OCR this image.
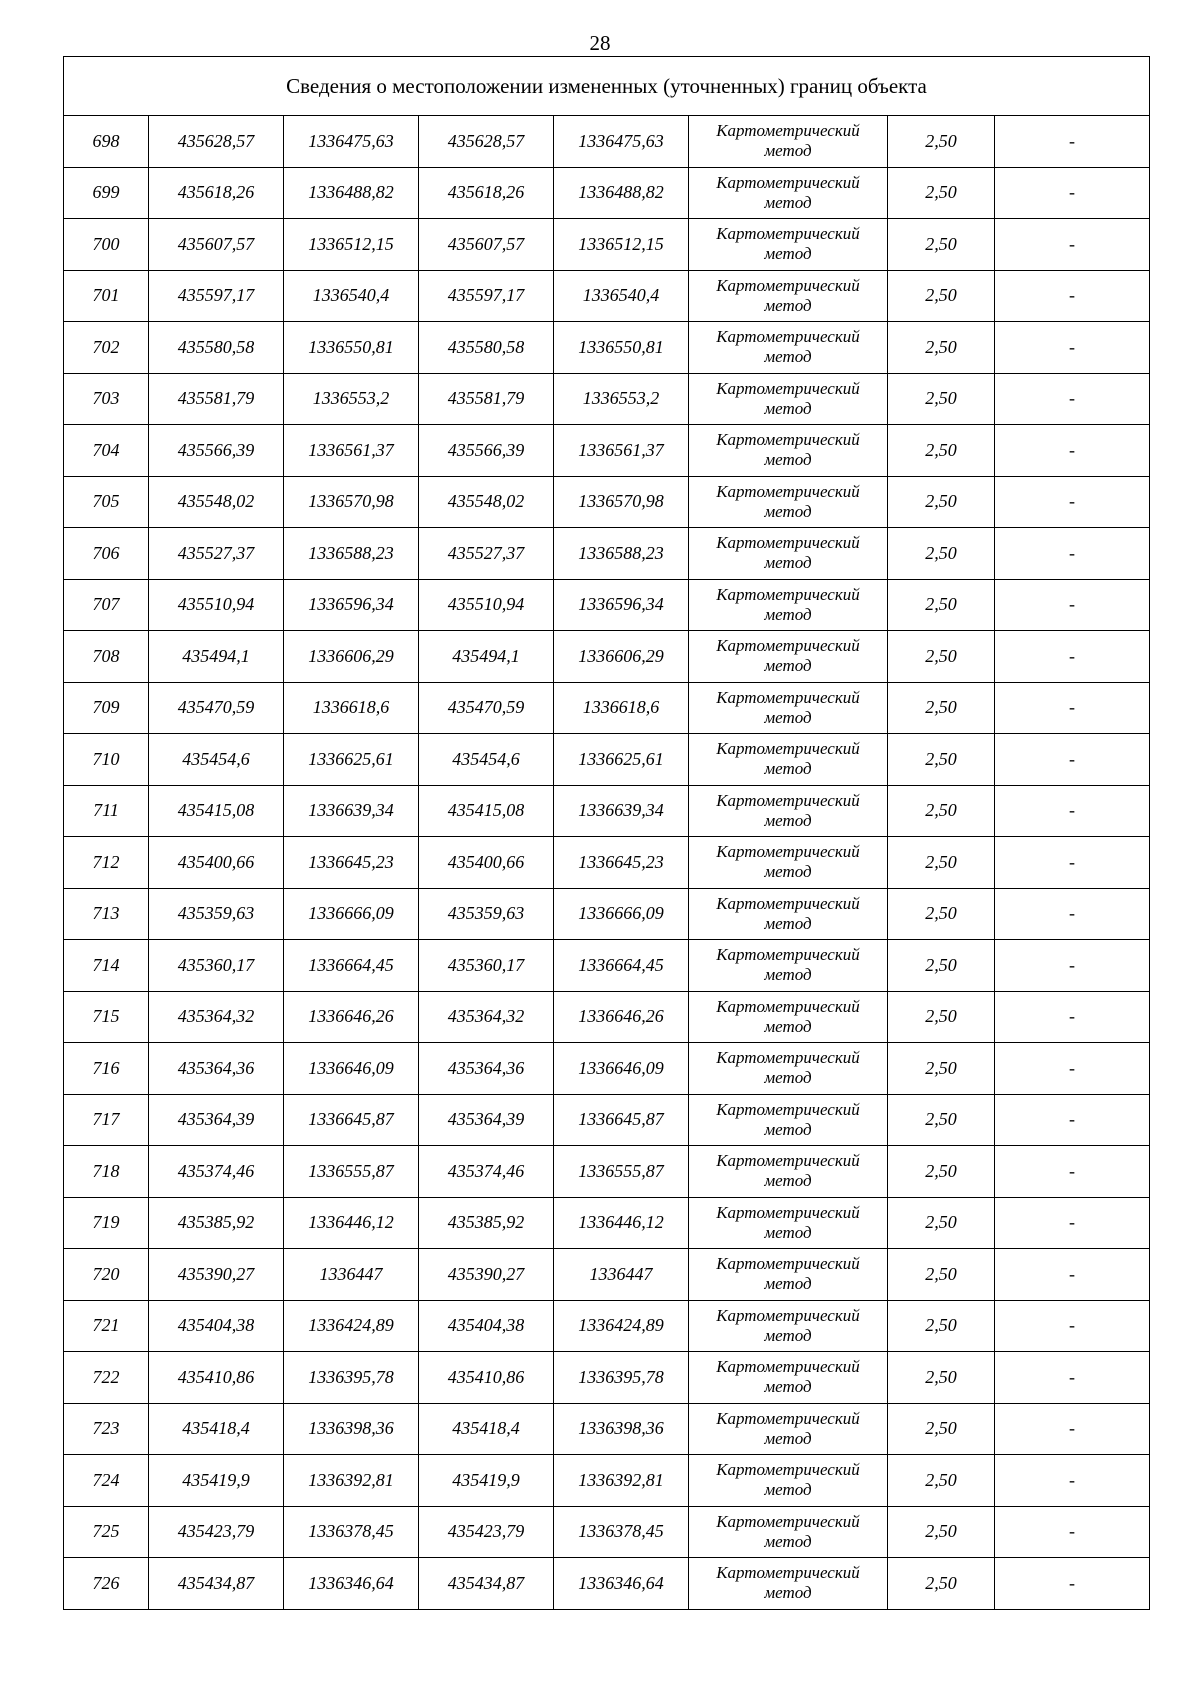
28
Сведения о местоположении измененных (уточненных) границ объекта							
698	435628,57	1336475,63	435628,57	1336475,63	Картометрический
метод	2,50	-
699	435618,26	1336488,82	435618,26	1336488,82	Картометрический
метод	2,50	-
700	435607,57	1336512,15	435607,57	1336512,15	Картометрический
метод	2,50	-
701	435597,17	1336540,4	435597,17	1336540,4	Картометрический
метод	2,50	-
702	435580,58	1336550,81	435580,58	1336550,81	Картометрический
метод	2,50	-
703	435581,79	1336553,2	435581,79	1336553,2	Картометрический
метод	2,50	-
704	435566,39	1336561,37	435566,39	1336561,37	Картометрический
метод	2,50	-
705	435548,02	1336570,98	435548,02	1336570,98	Картометрический
метод	2,50	-
706	435527,37	1336588,23	435527,37	1336588,23	Картометрический
метод	2,50	-
707	435510,94	1336596,34	435510,94	1336596,34	Картометрический
метод	2,50	-
708	435494,1	1336606,29	435494,1	1336606,29	Картометрический
метод	2,50	-
709	435470,59	1336618,6	435470,59	1336618,6	Картометрический
метод	2,50	-
710	435454,6	1336625,61	435454,6	1336625,61	Картометрический
метод	2,50	-
711	435415,08	1336639,34	435415,08	1336639,34	Картометрический
метод	2,50	-
712	435400,66	1336645,23	435400,66	1336645,23	Картометрический
метод	2,50	-
713	435359,63	1336666,09	435359,63	1336666,09	Картометрический
метод	2,50	-
714	435360,17	1336664,45	435360,17	1336664,45	Картометрический
метод	2,50	-
715	435364,32	1336646,26	435364,32	1336646,26	Картометрический
метод	2,50	-
716	435364,36	1336646,09	435364,36	1336646,09	Картометрический
метод	2,50	-
717	435364,39	1336645,87	435364,39	1336645,87	Картометрический
метод	2,50	-
718	435374,46	1336555,87	435374,46	1336555,87	Картометрический
метод	2,50	-
719	435385,92	1336446,12	435385,92	1336446,12	Картометрический
метод	2,50	-
720	435390,27	1336447	435390,27	1336447	Картометрический
метод	2,50	-
721	435404,38	1336424,89	435404,38	1336424,89	Картометрический
метод	2,50	-
722	435410,86	1336395,78	435410,86	1336395,78	Картометрический
метод	2,50	-
723	435418,4	1336398,36	435418,4	1336398,36	Картометрический
метод	2,50	-
724	435419,9	1336392,81	435419,9	1336392,81	Картометрический
метод	2,50	-
725	435423,79	1336378,45	435423,79	1336378,45	Картометрический
метод	2,50	-
726	435434,87	1336346,64	435434,87	1336346,64	Картометрический
метод	2,50	-
